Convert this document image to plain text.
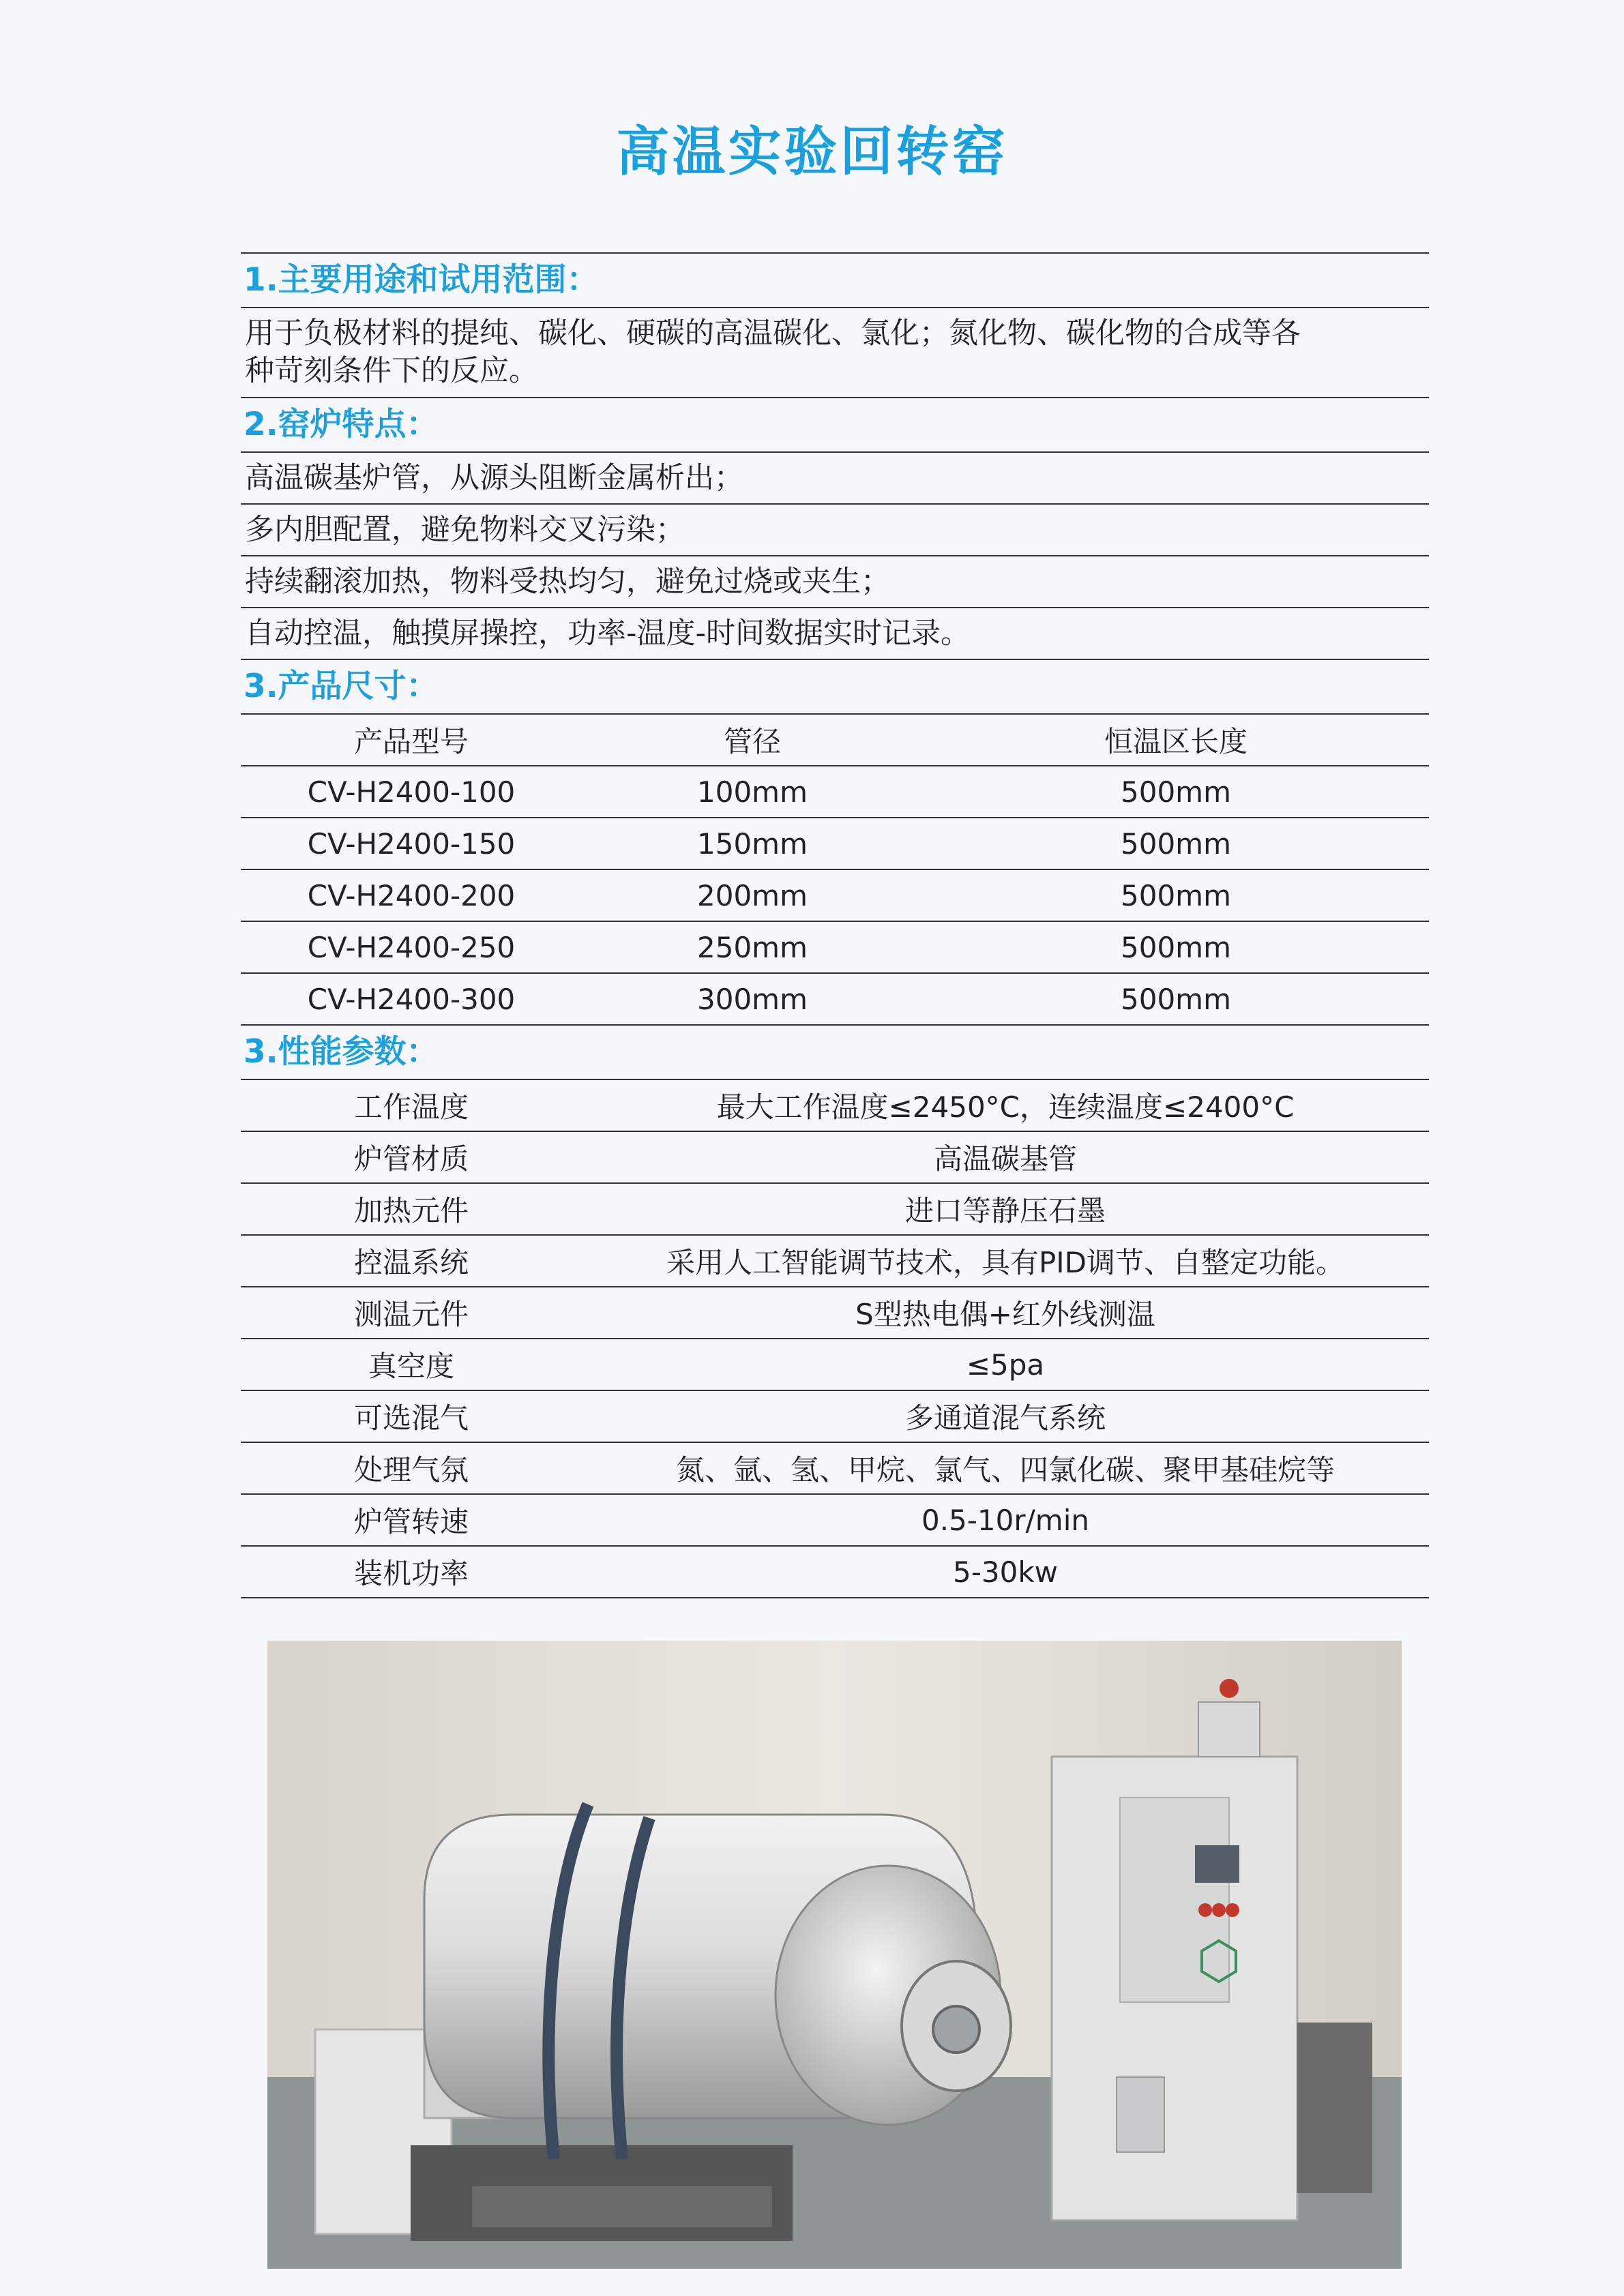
高温实验回转窑
1.主要用途和试用范围：
用于负极材料的提纯、碳化、硬碳的高温碳化、氯化；氮化物、碳化物的合成等各
种苛刻条件下的反应。
2.窑炉特点：
高温碳基炉管，从源头阻断金属析出；
多内胆配置，避免物料交叉污染；
持续翻滚加热，物料受热均匀，避免过烧或夹生；
自动控温，触摸屏操控，功率-温度-时间数据实时记录。
3.产品尺寸：
产品型号	管径	恒温区长度
CV-H2400-100	100mm	500mm
CV-H2400-150	150mm	500mm
CV-H2400-200	200mm	500mm
CV-H2400-250	250mm	500mm
CV-H2400-300	300mm	500mm
3.性能参数：
工作温度	最大工作温度≤2450°C，连续温度≤2400°C
炉管材质	高温碳基管
加热元件	进口等静压石墨
控温系统	采用人工智能调节技术，具有PID调节、自整定功能。
测温元件	S型热电偶+红外线测温
真空度	≤5pa
可选混气	多通道混气系统
处理气氛	氮、氩、氢、甲烷、氯气、四氯化碳、聚甲基硅烷等
炉管转速	0.5-10r/min
装机功率	5-30kw
